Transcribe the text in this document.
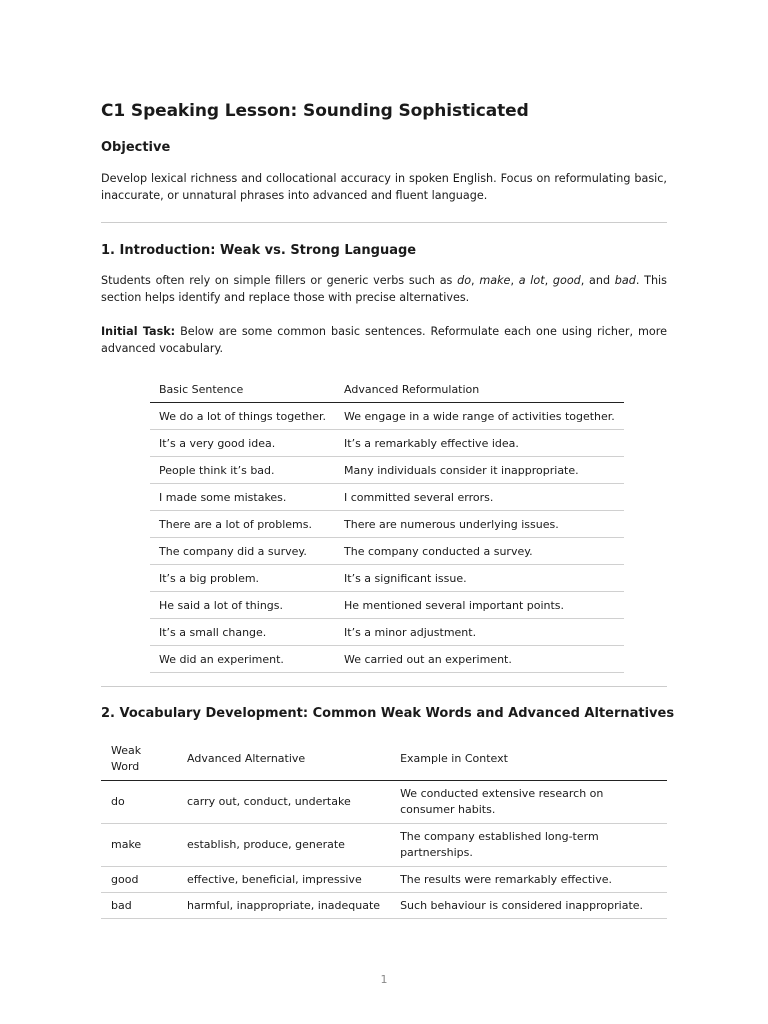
C1 Speaking Lesson: Sounding Sophisticated
Objective

Develop lexical richness and collocational accuracy in spoken English. Focus on reformulating basic, inaccurate, or unnatural phrases into advanced and fluent language.

1. Introduction: Weak vs. Strong Language

Students often rely on simple fillers or generic verbs such as do, make, a lot, good, and bad. This section helps identify and replace those with precise alternatives.

Initial Task: Below are some common basic sentences. Reformulate each one using richer, more advanced vocabulary.

Basic Sentence	Advanced Reformulation
We do a lot of things together.	We engage in a wide range of activities together.
It’s a very good idea.	It’s a remarkably effective idea.
People think it’s bad.	Many individuals consider it inappropriate.
I made some mistakes.	I committed several errors.
There are a lot of problems.	There are numerous underlying issues.
The company did a survey.	The company conducted a survey.
It’s a big problem.	It’s a significant issue.
He said a lot of things.	He mentioned several important points.
It’s a small change.	It’s a minor adjustment.
We did an experiment.	We carried out an experiment.
2. Vocabulary Development: Common Weak Words and Advanced Alternatives
Weak Word	Advanced Alternative	Example in Context
do	carry out, conduct, undertake	We conducted extensive research on consumer habits.
make	establish, produce, generate	The company established long-term partnerships.
good	effective, beneficial, impressive	The results were remarkably effective.
bad	harmful, inappropriate, inadequate	Such behaviour is considered inappropriate.
1
